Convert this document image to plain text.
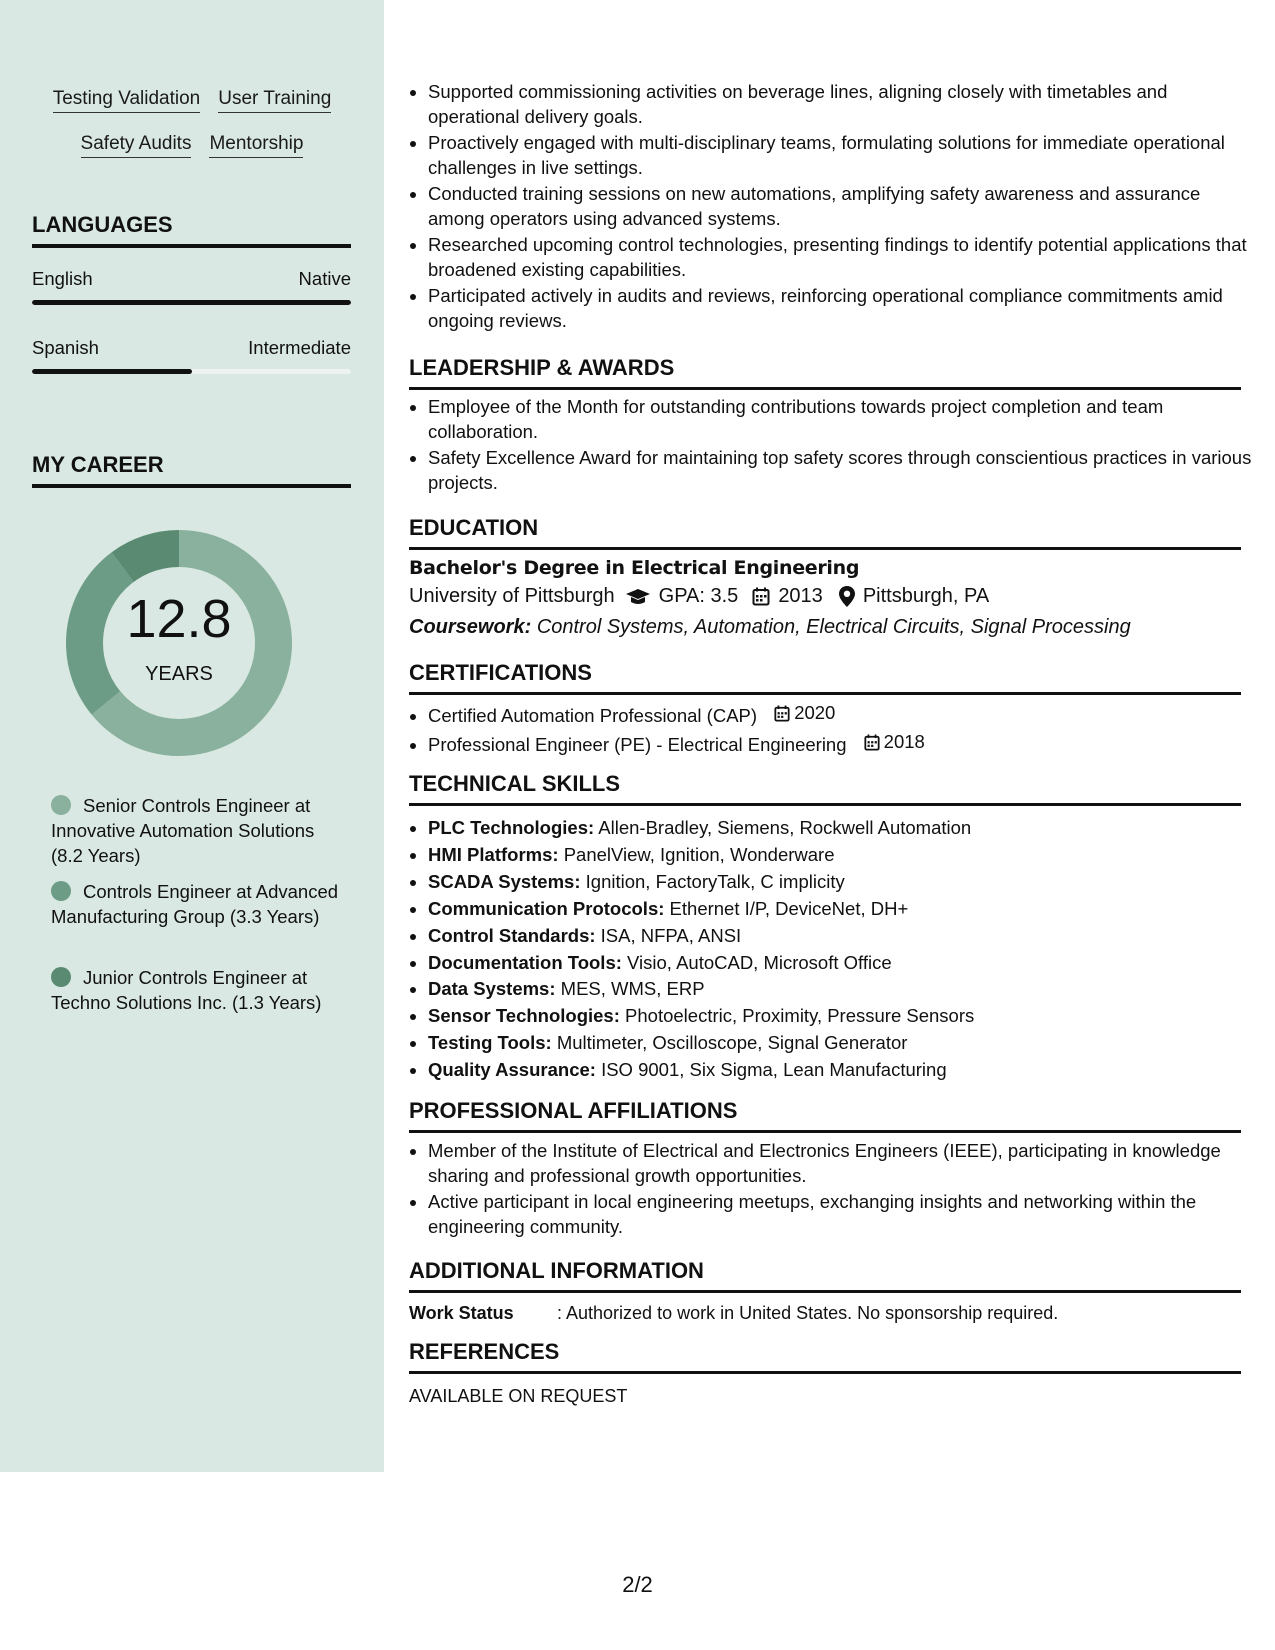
Testing Validation User Training
Safety Audits Mentorship
LANGUAGES
English	Native
Spanish	Intermediate
MY CAREER
12.8
YEARS
Senior Controls Engineer at Innovative Automation Solutions (8.2 Years)
Controls Engineer at Advanced Manufacturing Group (3.3 Years)
Junior Controls Engineer at Techno Solutions Inc. (1.3 Years)
• Supported commissioning activities on beverage lines, aligning closely with timetables and operational delivery goals.
• Proactively engaged with multi-disciplinary teams, formulating solutions for immediate operational challenges in live settings.
• Conducted training sessions on new automations, amplifying safety awareness and assurance among operators using advanced systems.
• Researched upcoming control technologies, presenting findings to identify potential applications that broadened existing capabilities.
• Participated actively in audits and reviews, reinforcing operational compliance commitments amid ongoing reviews.
LEADERSHIP & AWARDS
• Employee of the Month for outstanding contributions towards project completion and team collaboration.
• Safety Excellence Award for maintaining top safety scores through conscientious practices in various projects.
EDUCATION
Bachelor's Degree in Electrical Engineering
University of Pittsburgh GPA: 3.5 2013 Pittsburgh, PA
Coursework: Control Systems, Automation, Electrical Circuits, Signal Processing
CERTIFICATIONS
• Certified Automation Professional (CAP) 2020
• Professional Engineer (PE) - Electrical Engineering 2018
TECHNICAL SKILLS
• PLC Technologies: Allen-Bradley, Siemens, Rockwell Automation
• HMI Platforms: PanelView, Ignition, Wonderware
• SCADA Systems: Ignition, FactoryTalk, C implicity
• Communication Protocols: Ethernet I/P, DeviceNet, DH+
• Control Standards: ISA, NFPA, ANSI
• Documentation Tools: Visio, AutoCAD, Microsoft Office
• Data Systems: MES, WMS, ERP
• Sensor Technologies: Photoelectric, Proximity, Pressure Sensors
• Testing Tools: Multimeter, Oscilloscope, Signal Generator
• Quality Assurance: ISO 9001, Six Sigma, Lean Manufacturing
PROFESSIONAL AFFILIATIONS
• Member of the Institute of Electrical and Electronics Engineers (IEEE), participating in knowledge sharing and professional growth opportunities.
• Active participant in local engineering meetups, exchanging insights and networking within the engineering community.
ADDITIONAL INFORMATION
Work Status	: Authorized to work in United States. No sponsorship required.
REFERENCES
AVAILABLE ON REQUEST
2/2
